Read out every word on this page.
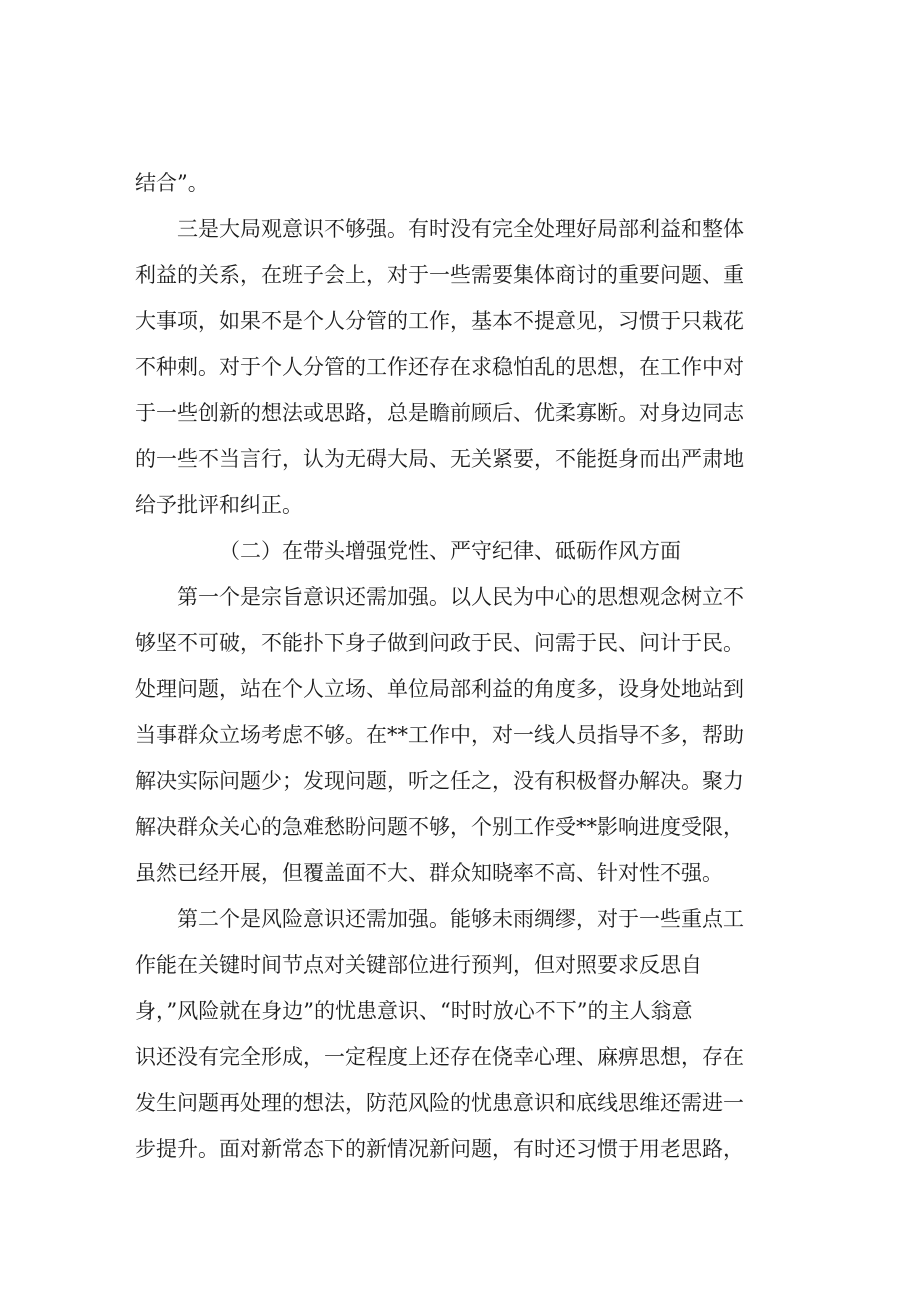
结合”。
三是大局观意识不够强。有时没有完全处理好局部利益和整体
利益的关系，在班子会上，对于一些需要集体商讨的重要问题、重
大事项，如果不是个人分管的工作，基本不提意见，习惯于只栽花
不种刺。对于个人分管的工作还存在求稳怕乱的思想，在工作中对
于一些创新的想法或思路，总是瞻前顾后、优柔寡断。对身边同志
的一些不当言行，认为无碍大局、无关紧要，不能挺身而出严肃地
给予批评和纠正。
（二）在带头增强党性、严守纪律、砥砺作风方面
第一个是宗旨意识还需加强。以人民为中心的思想观念树立不
够坚不可破，不能扑下身子做到问政于民、问需于民、问计于民。
处理问题，站在个人立场、单位局部利益的角度多，设身处地站到
当事群众立场考虑不够。在**工作中，对一线人员指导不多，帮助
解决实际问题少；发现问题，听之任之，没有积极督办解决。聚力
解决群众关心的急难愁盼问题不够，个别工作受**影响进度受限，
虽然已经开展，但覆盖面不大、群众知晓率不高、针对性不强。
第二个是风险意识还需加强。能够未雨绸缪，对于一些重点工
作能在关键时间节点对关键部位进行预判，但对照要求反思自
身，”风险就在身边”的忧患意识、“时时放心不下”的主人翁意
识还没有完全形成，一定程度上还存在侥幸心理、麻痹思想，存在
发生问题再处理的想法，防范风险的忧患意识和底线思维还需进一
步提升。面对新常态下的新情况新问题，有时还习惯于用老思路，
